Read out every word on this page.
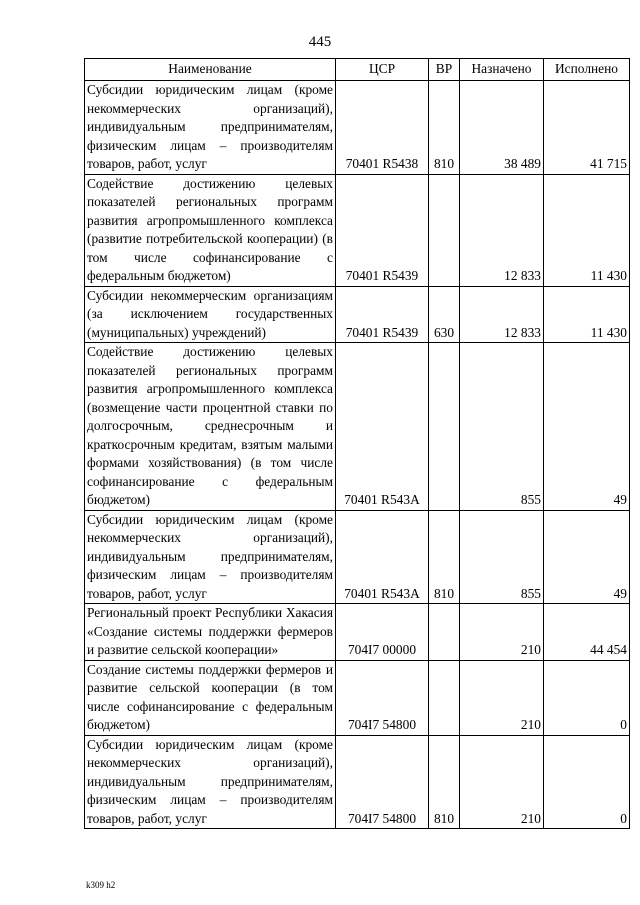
445
Наименование	ЦСР	ВР	Назначено	Исполнено
Субсидии юридическим лицам (кроме некоммерческих организаций), индивидуальным предпринимателям, физическим лицам – производителям товаров, работ, услуг	70401 R5438	810	38 489	41 715
Содействие достижению целевых показателей региональных программ развития агропромышленного комплекса (развитие потребительской кооперации) (в том числе софинансирование с федеральным бюджетом)	70401 R5439		12 833	11 430
Субсидии некоммерческим организациям (за исключением государственных (муниципальных) учреждений)	70401 R5439	630	12 833	11 430
Содействие достижению целевых показателей региональных программ развития агропромышленного комплекса (возмещение части процентной ставки по долгосрочным, среднесрочным и краткосрочным кредитам, взятым малыми формами хозяйствования) (в том числе софинансирование с федеральным бюджетом)	70401 R543A		855	49
Субсидии юридическим лицам (кроме некоммерческих организаций), индивидуальным предпринимателям, физическим лицам – производителям товаров, работ, услуг	70401 R543A	810	855	49
Региональный проект Республики Хакасия «Создание системы поддержки фермеров и развитие сельской кооперации»	704I7 00000		210	44 454
Создание системы поддержки фермеров и развитие сельской кооперации (в том числе софинансирование с федеральным бюджетом)	704I7 54800		210	0
Субсидии юридическим лицам (кроме некоммерческих организаций), индивидуальным предпринимателям, физическим лицам – производителям товаров, работ, услуг	704I7 54800	810	210	0
k309 h2
